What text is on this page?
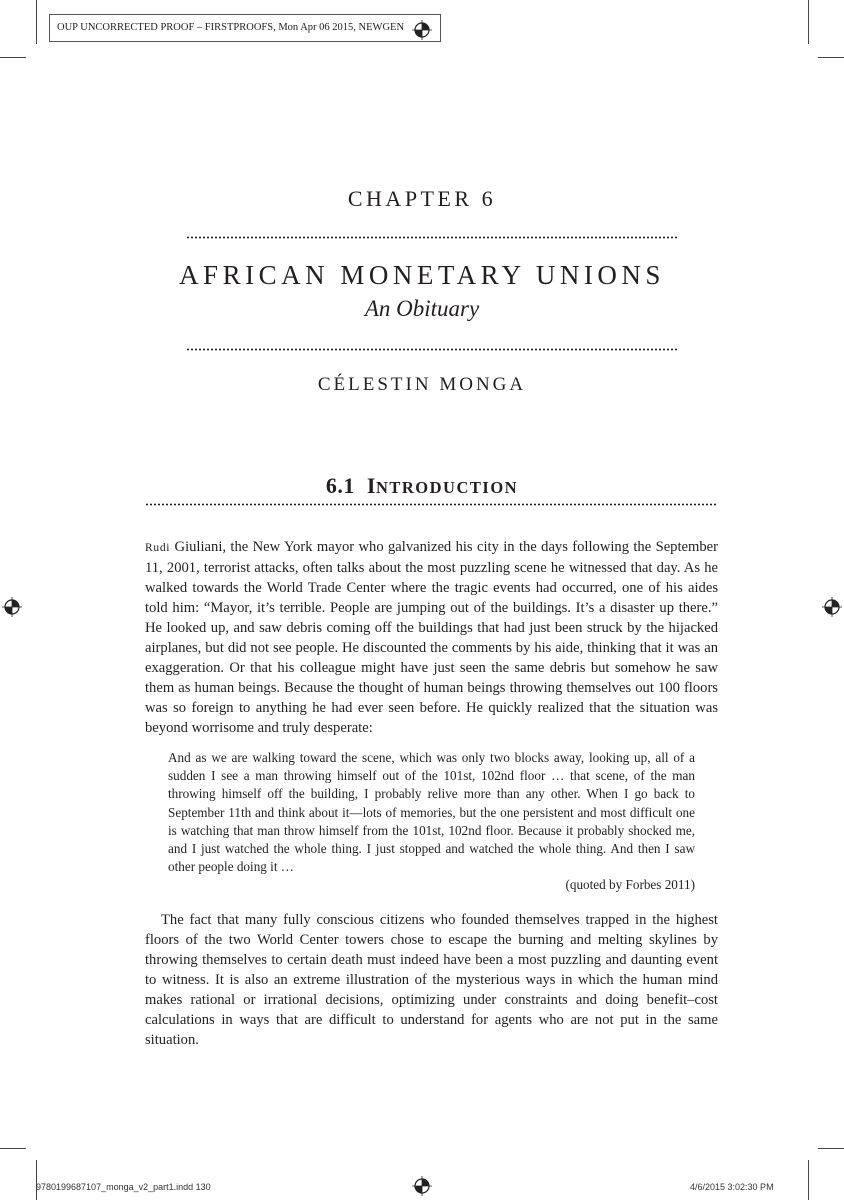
OUP UNCORRECTED PROOF – FIRSTPROOFS, Mon Apr 06 2015, NEWGEN
CHAPTER 6
AFRICAN MONETARY UNIONS
An Obituary
CÉLESTIN MONGA
6.1 INTRODUCTION

Rudi Giuliani, the New York mayor who galvanized his city in the days following the September 11, 2001, terrorist attacks, often talks about the most puzzling scene he witnessed that day. As he walked towards the World Trade Center where the tragic events had occurred, one of his aides told him: “Mayor, it’s terrible. People are jumping out of the buildings. It’s a disaster up there.” He looked up, and saw debris coming off the buildings that had just been struck by the hijacked airplanes, but did not see people. He discounted the comments by his aide, thinking that it was an exaggeration. Or that his colleague might have just seen the same debris but somehow he saw them as human beings. Because the thought of human beings throwing themselves out 100 floors was so foreign to anything he had ever seen before. He quickly realized that the situation was beyond worrisome and truly desperate:

And as we are walking toward the scene, which was only two blocks away, looking up, all of a sudden I see a man throwing himself out of the 101st, 102nd floor … that scene, of the man throwing himself off the building, I probably relive more than any other. When I go back to September 11th and think about it—lots of memories, but the one persistent and most difficult one is watching that man throw himself from the 101st, 102nd floor. Because it probably shocked me, and I just watched the whole thing. I just stopped and watched the whole thing. And then I saw other people doing it …

(quoted by Forbes 2011)

The fact that many fully conscious citizens who founded themselves trapped in the highest floors of the two World Center towers chose to escape the burning and melting skylines by throwing themselves to certain death must indeed have been a most puzzling and daunting event to witness. It is also an extreme illustration of the mysterious ways in which the human mind makes rational or irrational decisions, optimizing under constraints and doing benefit–cost calculations in ways that are difficult to understand for agents who are not put in the same situation.

9780199687107_monga_v2_part1.indd 130	4/6/2015 3:02:30 PM
